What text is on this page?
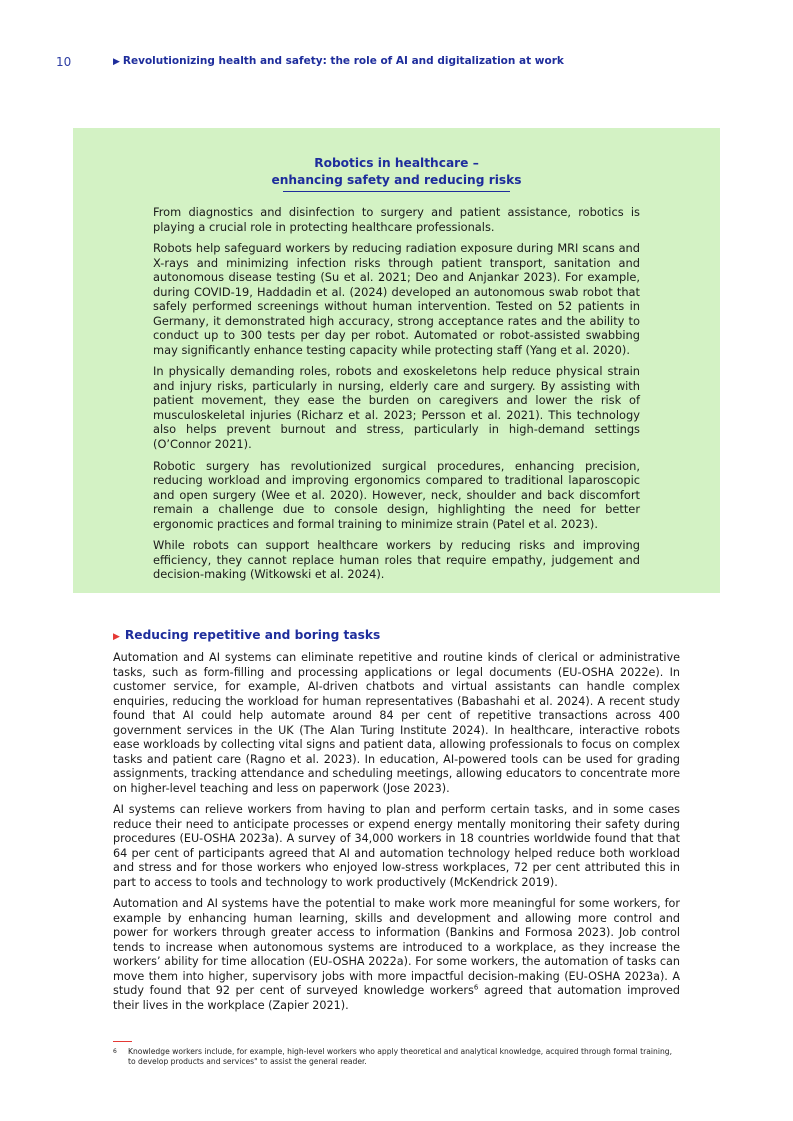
10	▶ Revolutionizing health and safety: the role of AI and digitalization at work
Robotics in healthcare –
enhancing safety and reducing risks

From diagnostics and disinfection to surgery and patient assistance, robotics is playing a crucial role in protecting healthcare professionals.

Robots help safeguard workers by reducing radiation exposure during MRI scans and X-rays and minimizing infection risks through patient transport, sanitation and autonomous disease testing (Su et al. 2021; Deo and Anjankar 2023). For example, during COVID-19, Haddadin et al. (2024) developed an autonomous swab robot that safely performed screenings without human intervention. Tested on 52 patients in Germany, it demonstrated high accuracy, strong acceptance rates and the ability to conduct up to 300 tests per day per robot. Automated or robot-assisted swabbing may significantly enhance testing capacity while protecting staff (Yang et al. 2020).

In physically demanding roles, robots and exoskeletons help reduce physical strain and injury risks, particularly in nursing, elderly care and surgery. By assisting with patient movement, they ease the burden on caregivers and lower the risk of musculoskeletal injuries (Richarz et al. 2023; Persson et al. 2021). This technology also helps prevent burnout and stress, particularly in high-demand settings (O’Connor 2021).

Robotic surgery has revolutionized surgical procedures, enhancing precision, reducing workload and improving ergonomics compared to traditional laparoscopic and open surgery (Wee et al. 2020). However, neck, shoulder and back discomfort remain a challenge due to console design, highlighting the need for better ergonomic practices and formal training to minimize strain (Patel et al. 2023).

While robots can support healthcare workers by reducing risks and improving efficiency, they cannot replace human roles that require empathy, judgement and decision-making (Witkowski et al. 2024).

▶ Reducing repetitive and boring tasks

Automation and AI systems can eliminate repetitive and routine kinds of clerical or administrative tasks, such as form-filling and processing applications or legal documents (EU-OSHA 2022e). In customer service, for example, AI-driven chatbots and virtual assistants can handle complex enquiries, reducing the workload for human representatives (Babashahi et al. 2024). A recent study found that AI could help automate around 84 per cent of repetitive transactions across 400 government services in the UK (The Alan Turing Institute 2024). In healthcare, interactive robots ease workloads by collecting vital signs and patient data, allowing professionals to focus on complex tasks and patient care (Ragno et al. 2023). In education, AI-powered tools can be used for grading assignments, tracking attendance and scheduling meetings, allowing educators to concentrate more on higher-level teaching and less on paperwork (Jose 2023).

AI systems can relieve workers from having to plan and perform certain tasks, and in some cases reduce their need to anticipate processes or expend energy mentally monitoring their safety during procedures (EU-OSHA 2023a). A survey of 34,000 workers in 18 countries worldwide found that that 64 per cent of participants agreed that AI and automation technology helped reduce both workload and stress and for those workers who enjoyed low-stress workplaces, 72 per cent attributed this in part to access to tools and technology to work productively (McKendrick 2019).

Automation and AI systems have the potential to make work more meaningful for some workers, for example by enhancing human learning, skills and development and allowing more control and power for workers through greater access to information (Bankins and Formosa 2023). Job control tends to increase when autonomous systems are introduced to a workplace, as they increase the workers’ ability for time allocation (EU-OSHA 2022a). For some workers, the automation of tasks can move them into higher, supervisory jobs with more impactful decision-making (EU-OSHA 2023a). A study found that 92 per cent of surveyed knowledge workers$^6$ agreed that automation improved their lives in the workplace (Zapier 2021).

6 Knowledge workers include, for example, high-level workers who apply theoretical and analytical knowledge, acquired through formal training, to develop products and services" to assist the general reader.
